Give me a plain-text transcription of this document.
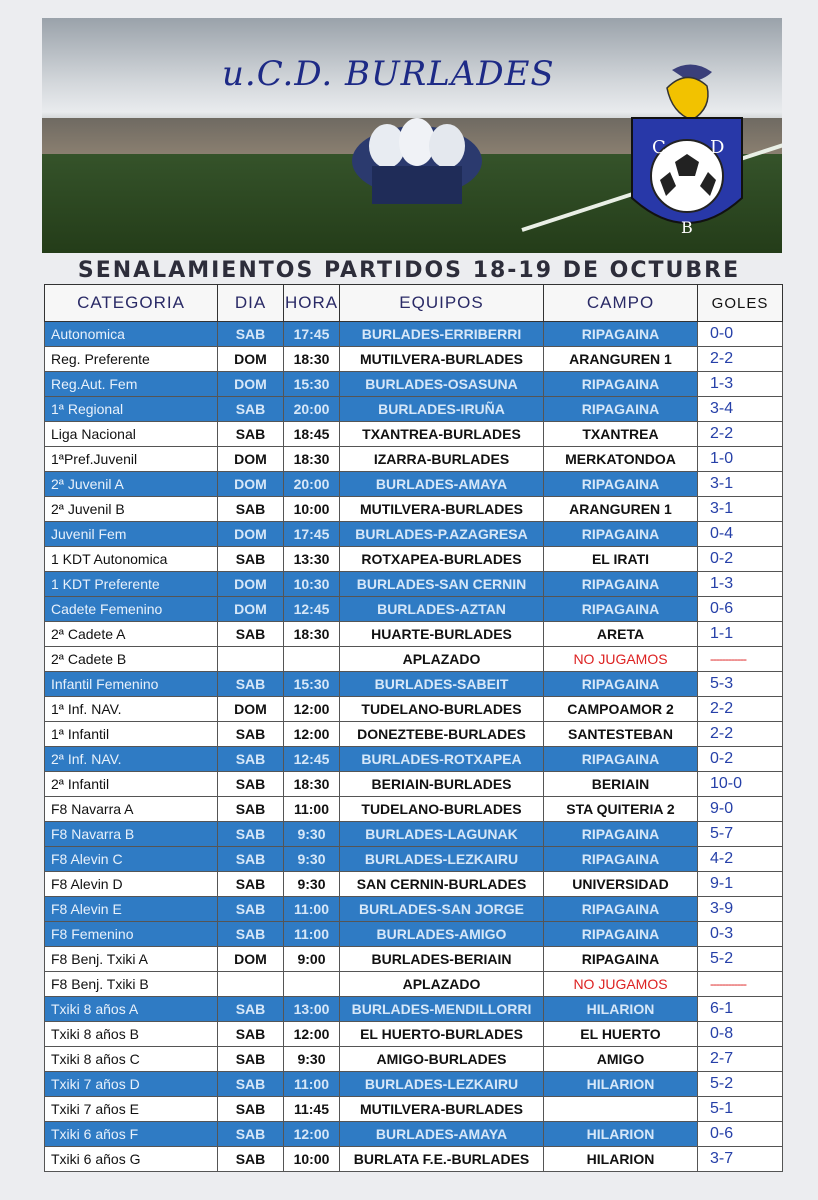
u.C.D. BURLADES
C D
B
SENALAMIENTOS PARTIDOS 18-19 DE OCTUBRE
CATEGORIA	DIA	HORA	EQUIPOS	CAMPO	GOLES
Autonomica	SAB	17:45	BURLADES-ERRIBERRI	RIPAGAINA	0-0
Reg. Preferente	DOM	18:30	MUTILVERA-BURLADES	ARANGUREN 1	2-2
Reg.Aut. Fem	DOM	15:30	BURLADES-OSASUNA	RIPAGAINA	1-3
1ª Regional	SAB	20:00	BURLADES-IRUÑA	RIPAGAINA	3-4
Liga Nacional	SAB	18:45	TXANTREA-BURLADES	TXANTREA	2-2
1ªPref.Juvenil	DOM	18:30	IZARRA-BURLADES	MERKATONDOA	1-0
2ª Juvenil A	DOM	20:00	BURLADES-AMAYA	RIPAGAINA	3-1
2ª Juvenil B	SAB	10:00	MUTILVERA-BURLADES	ARANGUREN 1	3-1
Juvenil Fem	DOM	17:45	BURLADES-P.AZAGRESA	RIPAGAINA	0-4
1 KDT Autonomica	SAB	13:30	ROTXAPEA-BURLADES	EL IRATI	0-2
1 KDT Preferente	DOM	10:30	BURLADES-SAN CERNIN	RIPAGAINA	1-3
Cadete Femenino	DOM	12:45	BURLADES-AZTAN	RIPAGAINA	0-6
2ª Cadete A	SAB	18:30	HUARTE-BURLADES	ARETA	1-1
2ª Cadete B			APLAZADO	NO JUGAMOS	------------
Infantil Femenino	SAB	15:30	BURLADES-SABEIT	RIPAGAINA	5-3
1ª Inf. NAV.	DOM	12:00	TUDELANO-BURLADES	CAMPOAMOR 2	2-2
1ª Infantil	SAB	12:00	DONEZTEBE-BURLADES	SANTESTEBAN	2-2
2ª Inf. NAV.	SAB	12:45	BURLADES-ROTXAPEA	RIPAGAINA	0-2
2ª Infantil	SAB	18:30	BERIAIN-BURLADES	BERIAIN	10-0
F8 Navarra A	SAB	11:00	TUDELANO-BURLADES	STA QUITERIA 2	9-0
F8 Navarra B	SAB	9:30	BURLADES-LAGUNAK	RIPAGAINA	5-7
F8 Alevin C	SAB	9:30	BURLADES-LEZKAIRU	RIPAGAINA	4-2
F8 Alevin D	SAB	9:30	SAN CERNIN-BURLADES	UNIVERSIDAD	9-1
F8 Alevin E	SAB	11:00	BURLADES-SAN JORGE	RIPAGAINA	3-9
F8 Femenino	SAB	11:00	BURLADES-AMIGO	RIPAGAINA	0-3
F8 Benj. Txiki A	DOM	9:00	BURLADES-BERIAIN	RIPAGAINA	5-2
F8 Benj. Txiki B			APLAZADO	NO JUGAMOS	------------
Txiki 8 años A	SAB	13:00	BURLADES-MENDILLORRI	HILARION	6-1
Txiki 8 años B	SAB	12:00	EL HUERTO-BURLADES	EL HUERTO	0-8
Txiki 8 años C	SAB	9:30	AMIGO-BURLADES	AMIGO	2-7
Txiki 7 años D	SAB	11:00	BURLADES-LEZKAIRU	HILARION	5-2
Txiki 7 años E	SAB	11:45	MUTILVERA-BURLADES		5-1
Txiki 6 años F	SAB	12:00	BURLADES-AMAYA	HILARION	0-6
Txiki 6 años G	SAB	10:00	BURLATA F.E.-BURLADES	HILARION	3-7
